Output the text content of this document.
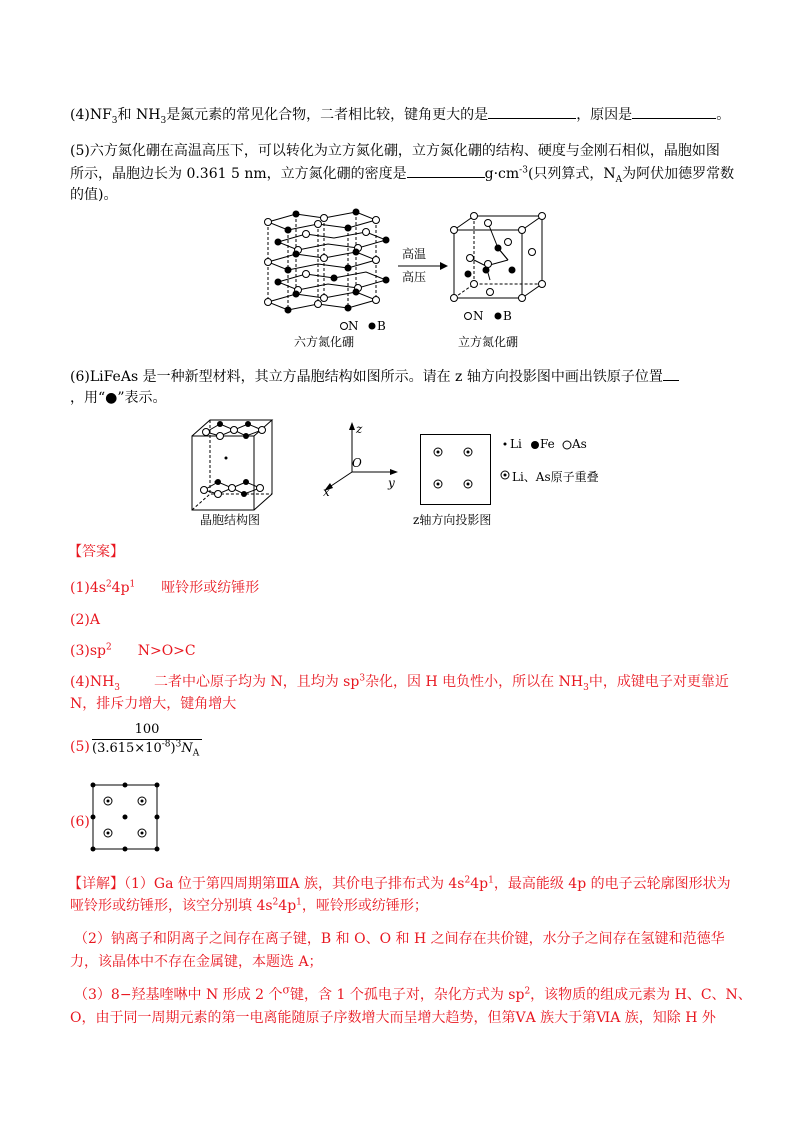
$(4)NF_3$和 $NH_3$是氮元素的常见化合物，二者相比较，键角更大的是	，原因是	。
(5)六方氮化硼在高温高压下，可以转化为立方氮化硼，立方氮化硼的结构、硬度与金刚石相似，晶胞如图
所示，晶胞边长为 0.361 5 nm，立方氮化硼的密度是	$g\cdot cm^{-3}$(只列算式，$N_A$为阿伏加德罗常数
的值)。
高温
高压
N B
N B
六方氮化硼	立方氮化硼
(6)LiFeAs 是一种新型材料，其立方晶胞结构如图所示。请在 z 轴方向投影图中画出铁原子位置
，用“●”表示。
晶胞结构图
z
O
y
x
z轴方向投影图
Li Fe As
Li、As原子重叠
【答案】
$(1)4s^24p^1$ 哑铃形或纺锤形
(2)A
$(3)sp^2$ N>O>C
$(4)NH_3$ 二者中心原子均为 N，且均为 $sp^3$杂化，因 H 电负性小，所以在 $NH_3$中，成键电子对更靠近
N，排斥力增大，键角增大
(5)
100
$(3.615\times 10^{-8})^3N_A$
(6)
【详解】（1）Ga 位于第四周期第ⅢA 族，其价电子排布式为 $4s^24p^1$，最高能级 4p 的电子云轮廓图形状为
哑铃形或纺锤形，该空分别填 $4s^24p^1$，哑铃形或纺锤形；
（2）钠离子和阴离子之间存在离子键，B 和 O、O 和 H 之间存在共价键，水分子之间存在氢键和范德华
力，该晶体中不存在金属键，本题选 A；
（3）8−羟基喹啉中 N 形成 2 个$^\sigma$键，含 1 个孤电子对，杂化方式为 $sp^2$，该物质的组成元素为 H、C、N、
O，由于同一周期元素的第一电离能随原子序数增大而呈增大趋势，但第ⅤA 族大于第ⅥA 族，知除 H 外
